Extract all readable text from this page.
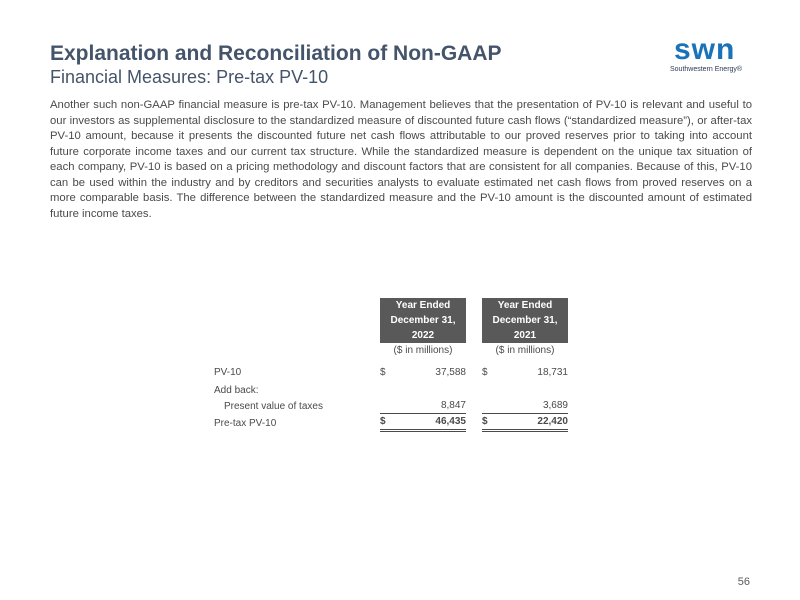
Explanation and Reconciliation of Non-GAAP
Financial Measures: Pre-tax PV-10
swn
Southwestern Energy®

Another such non-GAAP financial measure is pre-tax PV-10. Management believes that the presentation of PV-10 is relevant and useful to our investors as supplemental disclosure to the standardized measure of discounted future cash flows (“standardized measure”), or after-tax PV-10 amount, because it presents the discounted future net cash flows attributable to our proved reserves prior to taking into account future corporate income taxes and our current tax structure. While the standardized measure is dependent on the unique tax situation of each company, PV-10 is based on a pricing methodology and discount factors that are consistent for all companies. Because of this, PV-10 can be used within the industry and by creditors and securities analysts to evaluate estimated net cash flows from proved reserves on a more comparable basis. The difference between the standardized measure and the PV-10 amount is the discounted amount of estimated future income taxes.

	Year Ended			Year Ended	
	December 31, 2022			December 31, 2021	
	($ in millions)			($ in millions)	
PV-10	$	37,588		$	18,731
Add back:					
Present value of taxes		8,847			3,689
Pre-tax PV-10	$	46,435		$	22,420
56
